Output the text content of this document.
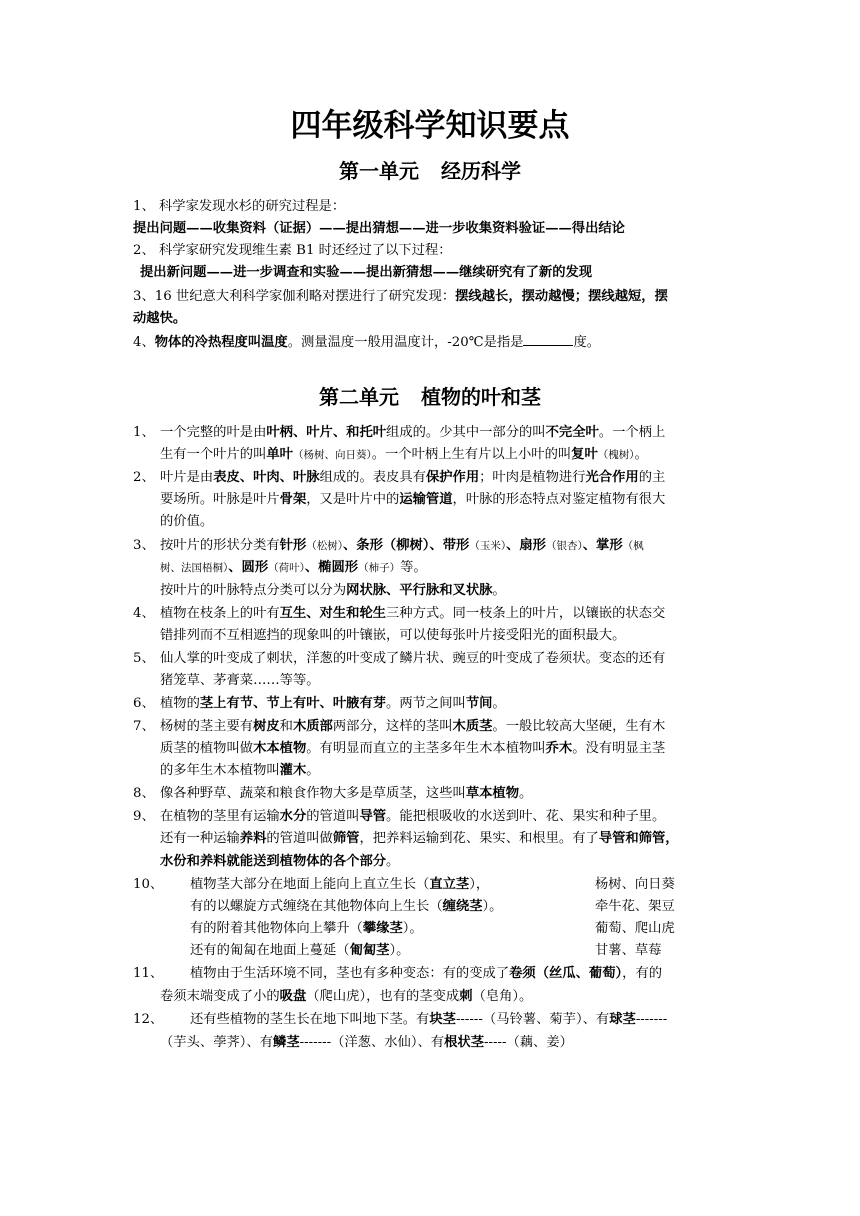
四年级科学知识要点
第一单元 经历科学
1、 科学家发现水杉的研究过程是：
提出问题——收集资料（证据）——提出猜想——进一步收集资料验证——得出结论
2、 科学家研究发现维生素 B1 时还经过了以下过程：
提出新问题——进一步调查和实验——提出新猜想——继续研究有了新的发现
3、16 世纪意大利科学家伽利略对摆进行了研究发现：摆线越长，摆动越慢；摆线越短，摆
动越快。
4、物体的冷热程度叫温度。测量温度一般用温度计，-20℃是指是	度。
第二单元 植物的叶和茎
1、 一个完整的叶是由叶柄、叶片、和托叶组成的。少其中一部分的叫不完全叶。一个柄上
生有一个叶片的叫单叶（杨树、向日葵）。一个叶柄上生有片以上小叶的叫复叶（槐树）。
2、 叶片是由表皮、叶肉、叶脉组成的。表皮具有保护作用；叶肉是植物进行光合作用的主
要场所。叶脉是叶片骨架，又是叶片中的运输管道，叶脉的形态特点对鉴定植物有很大
的价值。
3、 按叶片的形状分类有针形（松树）、条形（柳树）、带形（玉米）、扇形（银杏）、掌形（枫
树、法国梧桐）、圆形（荷叶）、椭圆形（柿子）等。
按叶片的叶脉特点分类可以分为网状脉、平行脉和叉状脉。
4、 植物在枝条上的叶有互生、对生和轮生三种方式。同一枝条上的叶片，以镶嵌的状态交
错排列而不互相遮挡的现象叫的叶镶嵌，可以使每张叶片接受阳光的面积最大。
5、 仙人掌的叶变成了刺状，洋葱的叶变成了鳞片状、豌豆的叶变成了卷须状。变态的还有
猪笼草、茅膏菜……等等。
6、 植物的茎上有节、节上有叶、叶腋有芽。两节之间叫节间。
7、 杨树的茎主要有树皮和木质部两部分，这样的茎叫木质茎。一般比较高大坚硬，生有木
质茎的植物叫做木本植物。有明显而直立的主茎多年生木本植物叫乔木。没有明显主茎
的多年生木本植物叫灌木。
8、 像各种野草、蔬菜和粮食作物大多是草质茎，这些叫草本植物。
9、 在植物的茎里有运输水分的管道叫导管。能把根吸收的水送到叶、花、果实和种子里。
还有一种运输养料的管道叫做筛管，把养料运输到花、果实、和根里。有了导管和筛管，
水份和养料就能送到植物体的各个部分。
10、 植物茎大部分在地面上能向上直立生长（直立茎），	杨树、向日葵
有的以螺旋方式缠绕在其他物体向上生长（缠绕茎）。	牵牛花、架豆
有的附着其他物体向上攀升（攀缘茎）。	葡萄、爬山虎
还有的匍匐在地面上蔓延（匍匐茎）。	甘薯、草莓
11、 植物由于生活环境不同，茎也有多种变态：有的变成了卷须（丝瓜、葡萄），有的
卷须末端变成了小的吸盘（爬山虎），也有的茎变成刺（皂角）。
12、 还有些植物的茎生长在地下叫地下茎。有块茎------（马铃薯、菊芋）、有球茎-------
（芋头、荸荠）、有鳞茎-------（洋葱、水仙）、有根状茎-----（藕、姜）
